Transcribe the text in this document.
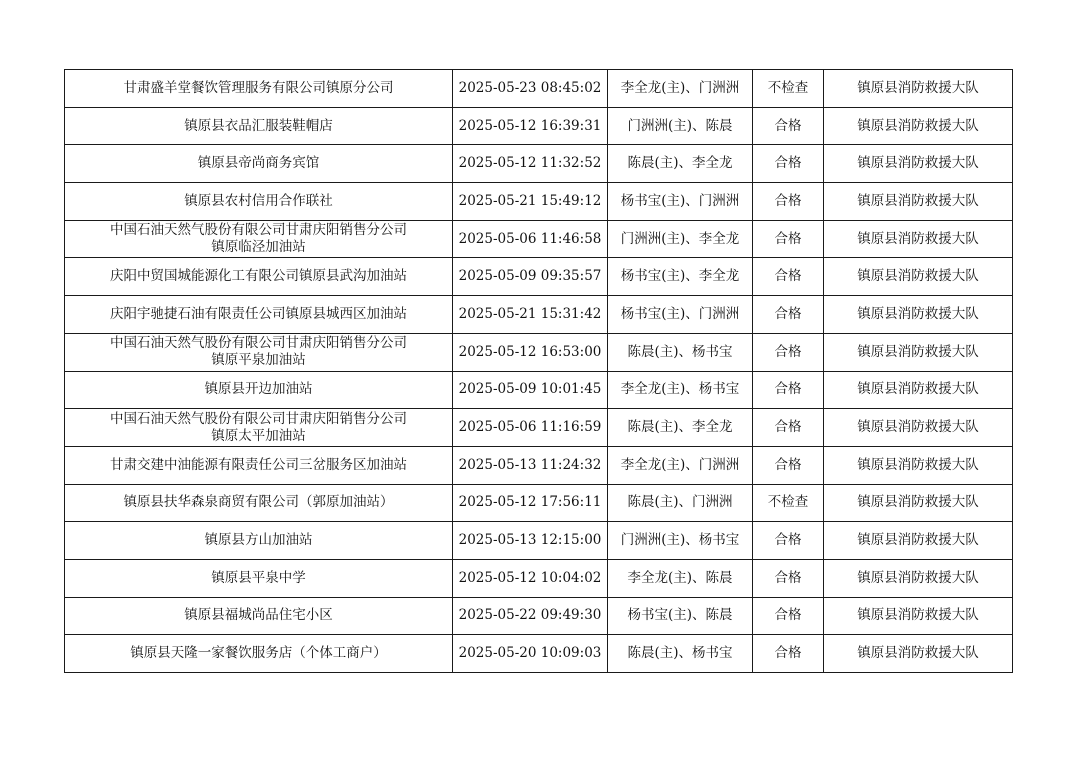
甘肃盛羊堂餐饮管理服务有限公司镇原分公司	2025-05-23 08:45:02	李全龙(主)、门洲洲	不检查	镇原县消防救援大队

镇原县衣品汇服装鞋帽店	2025-05-12 16:39:31	门洲洲(主)、陈晨	合格	镇原县消防救援大队

镇原县帝尚商务宾馆	2025-05-12 11:32:52	陈晨(主)、李全龙	合格	镇原县消防救援大队

镇原县农村信用合作联社	2025-05-21 15:49:12	杨书宝(主)、门洲洲	合格	镇原县消防救援大队

中国石油天然气股份有限公司甘肃庆阳销售分公司
镇原临泾加油站	2025-05-06 11:46:58	门洲洲(主)、李全龙	合格	镇原县消防救援大队

庆阳中贸国城能源化工有限公司镇原县武沟加油站	2025-05-09 09:35:57	杨书宝(主)、李全龙	合格	镇原县消防救援大队

庆阳宇驰捷石油有限责任公司镇原县城西区加油站	2025-05-21 15:31:42	杨书宝(主)、门洲洲	合格	镇原县消防救援大队

中国石油天然气股份有限公司甘肃庆阳销售分公司
镇原平泉加油站	2025-05-12 16:53:00	陈晨(主)、杨书宝	合格	镇原县消防救援大队

镇原县开边加油站	2025-05-09 10:01:45	李全龙(主)、杨书宝	合格	镇原县消防救援大队

中国石油天然气股份有限公司甘肃庆阳销售分公司
镇原太平加油站	2025-05-06 11:16:59	陈晨(主)、李全龙	合格	镇原县消防救援大队

甘肃交建中油能源有限责任公司三岔服务区加油站	2025-05-13 11:24:32	李全龙(主)、门洲洲	合格	镇原县消防救援大队

镇原县扶华森泉商贸有限公司（郭原加油站）	2025-05-12 17:56:11	陈晨(主)、门洲洲	不检查	镇原县消防救援大队

镇原县方山加油站	2025-05-13 12:15:00	门洲洲(主)、杨书宝	合格	镇原县消防救援大队

镇原县平泉中学	2025-05-12 10:04:02	李全龙(主)、陈晨	合格	镇原县消防救援大队

镇原县福城尚品住宅小区	2025-05-22 09:49:30	杨书宝(主)、陈晨	合格	镇原县消防救援大队

镇原县天隆一家餐饮服务店（个体工商户）	2025-05-20 10:09:03	陈晨(主)、杨书宝	合格	镇原县消防救援大队
